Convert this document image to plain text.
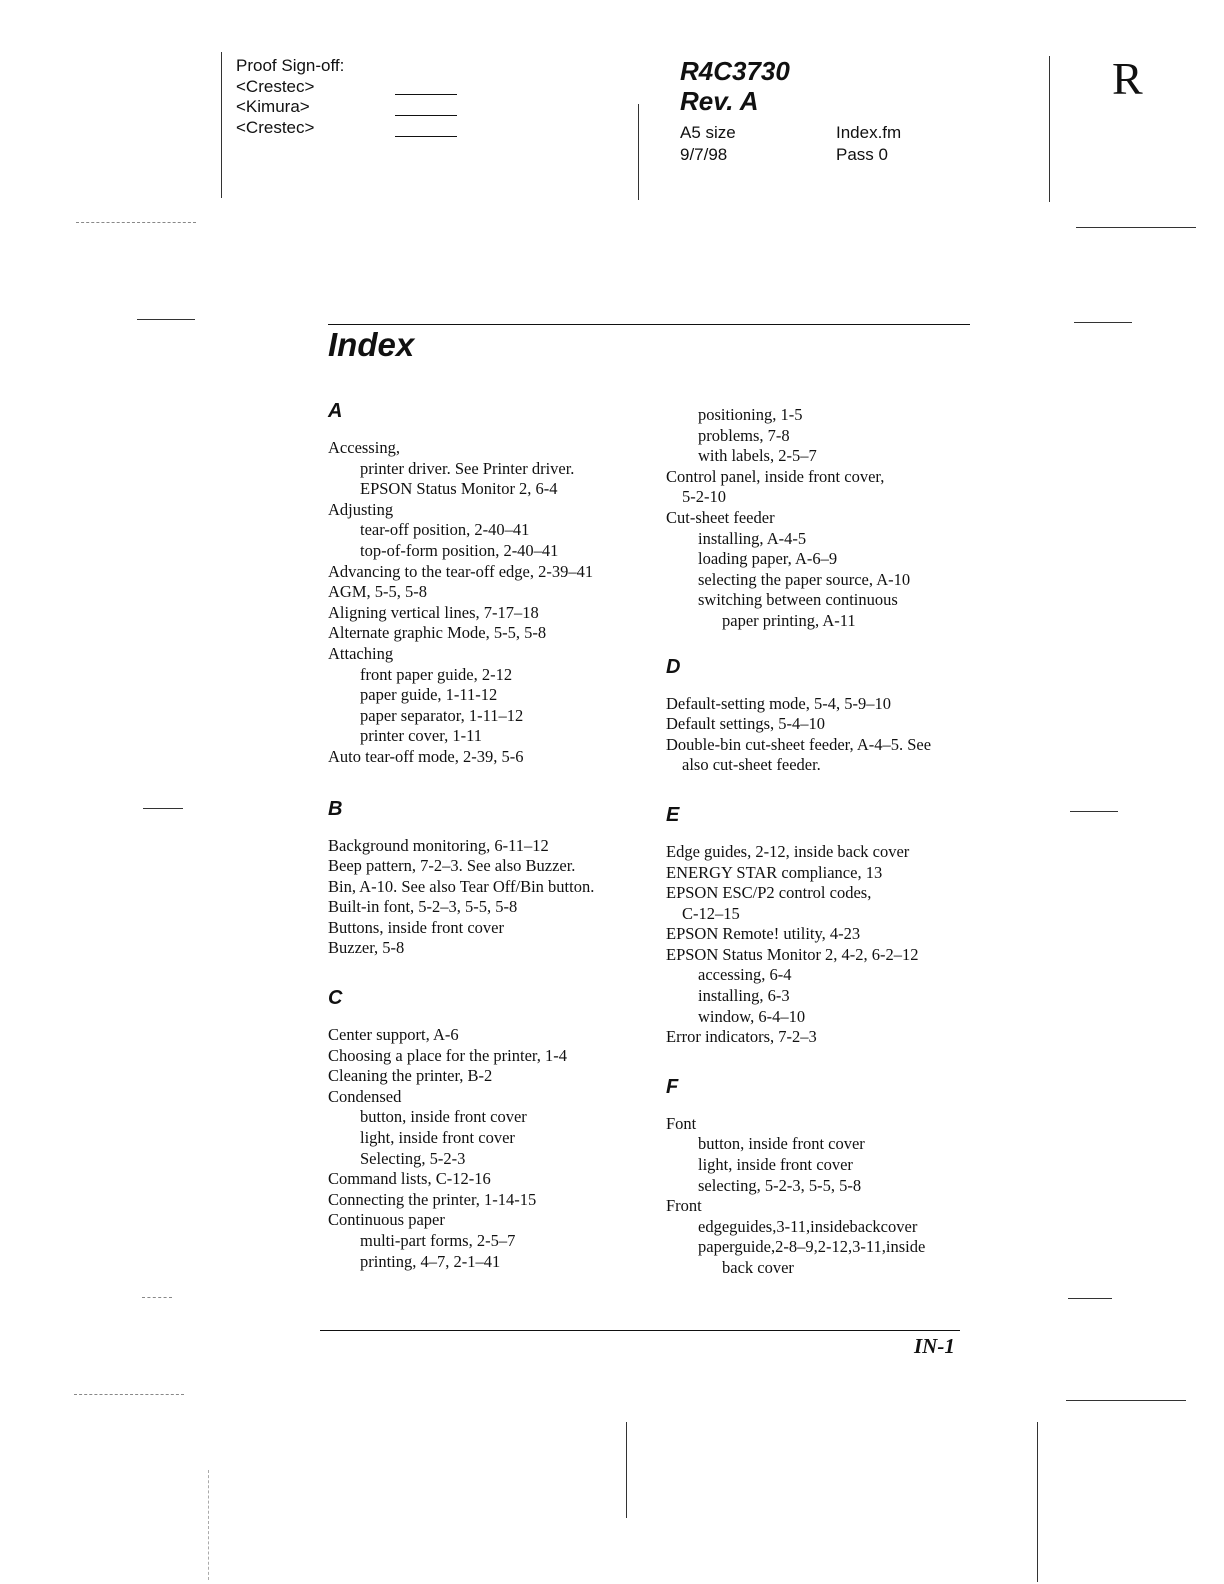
Proof Sign-off:
<Crestec>
<Kimura>
<Crestec>
R4C3730
Rev. A
A5 size
9/7/98
Index.fm
Pass 0
R
Index
A
Accessing,
printer driver. See Printer driver.
EPSON Status Monitor 2, 6-4
Adjusting
tear-off position, 2-40–41
top-of-form position, 2-40–41
Advancing to the tear-off edge, 2-39–41
AGM, 5-5, 5-8
Aligning vertical lines, 7-17–18
Alternate graphic Mode, 5-5, 5-8
Attaching
front paper guide, 2-12
paper guide, 1-11-12
paper separator, 1-11–12
printer cover, 1-11
Auto tear-off mode, 2-39, 5-6
B
Background monitoring, 6-11–12
Beep pattern, 7-2–3. See also Buzzer.
Bin, A-10. See also Tear Off/Bin button.
Built-in font, 5-2–3, 5-5, 5-8
Buttons, inside front cover
Buzzer, 5-8
C
Center support, A-6
Choosing a place for the printer, 1-4
Cleaning the printer, B-2
Condensed
button, inside front cover
light, inside front cover
Selecting, 5-2-3
Command lists, C-12-16
Connecting the printer, 1-14-15
Continuous paper
multi-part forms, 2-5–7
printing, 4–7, 2-1–41
positioning, 1-5
problems, 7-8
with labels, 2-5–7
Control panel, inside front cover,
5-2-10
Cut-sheet feeder
installing, A-4-5
loading paper, A-6–9
selecting the paper source, A-10
switching between continuous
paper printing, A-11
D
Default-setting mode, 5-4, 5-9–10
Default settings, 5-4–10
Double-bin cut-sheet feeder, A-4–5. See
also cut-sheet feeder.
E
Edge guides, 2-12, inside back cover
ENERGY STAR compliance, 13
EPSON ESC/P2 control codes,
C-12–15
EPSON Remote! utility, 4-23
EPSON Status Monitor 2, 4-2, 6-2–12
accessing, 6-4
installing, 6-3
window, 6-4–10
Error indicators, 7-2–3
F
Font
button, inside front cover
light, inside front cover
selecting, 5-2-3, 5-5, 5-8
Front
edgeguides,3-11,insidebackcover
paperguide,2-8–9,2-12,3-11,inside
back cover
IN-1
